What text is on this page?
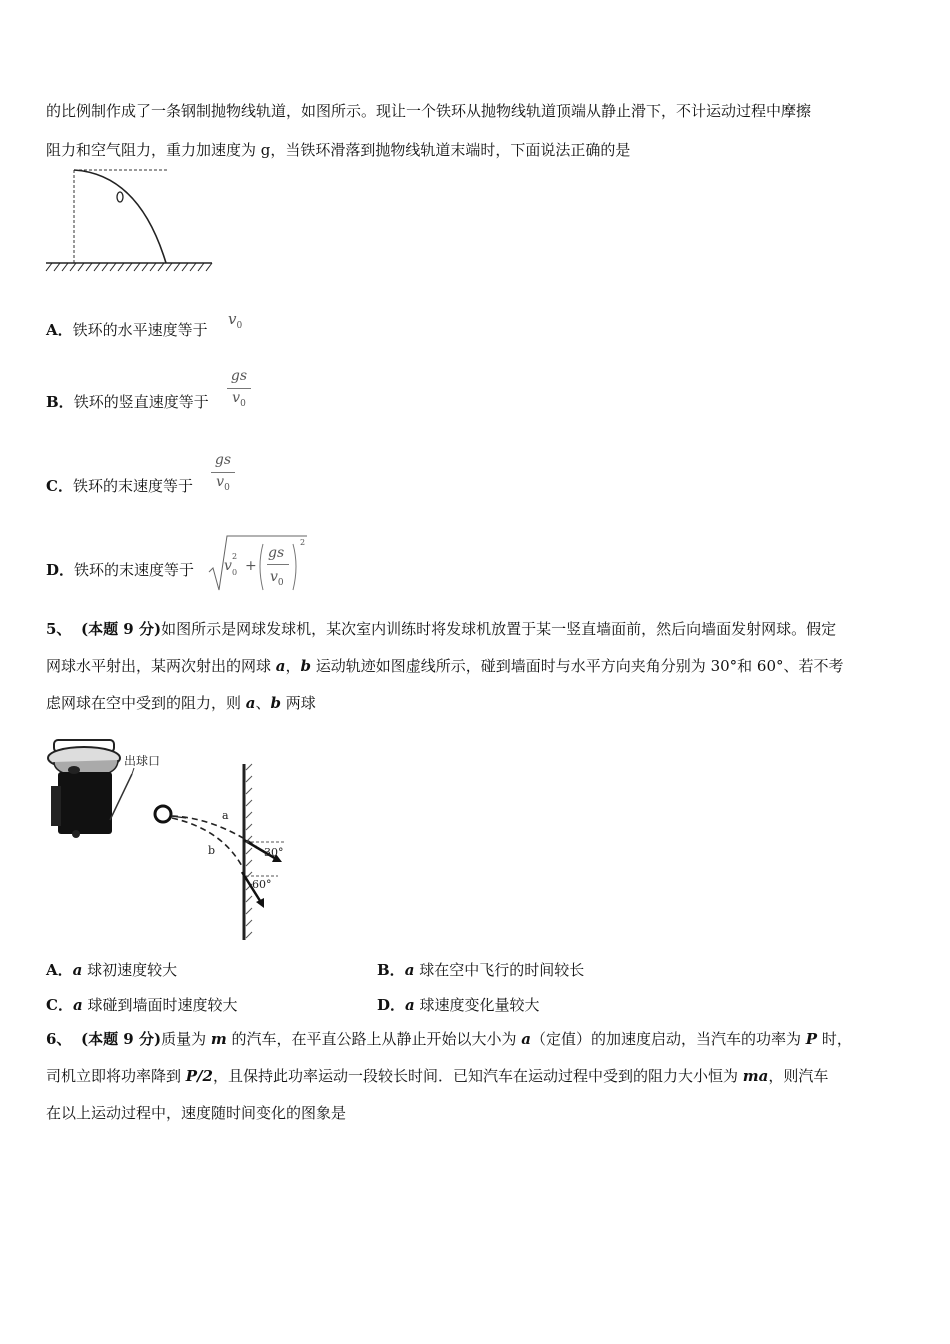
的比例制作成了一条钢制抛物线轨道，如图所示。现让一个铁环从抛物线轨道顶端从静止滑下，不计运动过程中摩擦
阻力和空气阻力，重力加速度为 g，当铁环滑落到抛物线轨道末端时，下面说法正确的是
A．铁环的水平速度等于
$v_0$
B．铁环的竖直速度等于
gs
$v_0$
C．铁环的末速度等于
gs
$v_0$
D．铁环的末速度等于 v
2
0 +
gs
$v_0$
2
5、 (本题 9 分)如图所示是网球发球机，某次室内训练时将发球机放置于某一竖直墙面前，然后向墙面发射网球。假定
网球水平射出，某两次射出的网球 a，b 运动轨迹如图虚线所示，碰到墙面时与水平方向夹角分别为 30°和 60°、若不考
虑网球在空中受到的阻力，则 a、b 两球
出球口
a
b	30°
60°
A．a 球初速度较大	B．a 球在空中飞行的时间较长
C．a 球碰到墙面时速度较大	D．a 球速度变化量较大
6、 (本题 9 分)质量为 m 的汽车，在平直公路上从静止开始以大小为 a（定值）的加速度启动，当汽车的功率为 P 时，
司机立即将功率降到 P/2，且保持此功率运动一段较长时间．已知汽车在运动过程中受到的阻力大小恒为 ma，则汽车
在以上运动过程中，速度随时间变化的图象是
